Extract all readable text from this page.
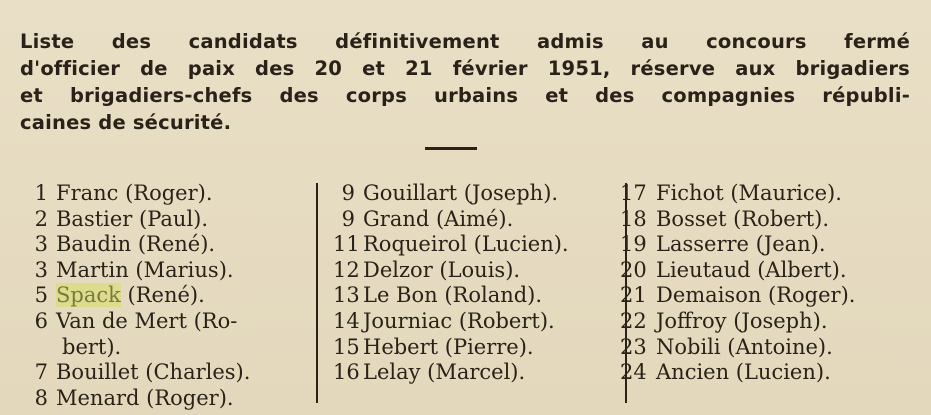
Liste des candidats définitivement admis au concours fermé
d'officier de paix des 20 et 21 février 1951, réserve aux brigadiers
et brigadiers-chefs des corps urbains et des compagnies républi-
caines de sécurité.
1 Franc (Roger).
2 Bastier (Paul).
3 Baudin (René).
3 Martin (Marius).
5 Spack (René).
6 Van de Mert (Ro-
bert).
7 Bouillet (Charles).
8 Menard (Roger).
9 Gouillart (Joseph).
9 Grand (Aimé).
11 Roqueirol (Lucien).
12 Delzor (Louis).
13 Le Bon (Roland).
14 Journiac (Robert).
15 Hebert (Pierre).
16 Lelay (Marcel).
17 Fichot (Maurice).
18 Bosset (Robert).
19 Lasserre (Jean).
20 Lieutaud (Albert).
21 Demaison (Roger).
22 Joffroy (Joseph).
23 Nobili (Antoine).
24 Ancien (Lucien).
